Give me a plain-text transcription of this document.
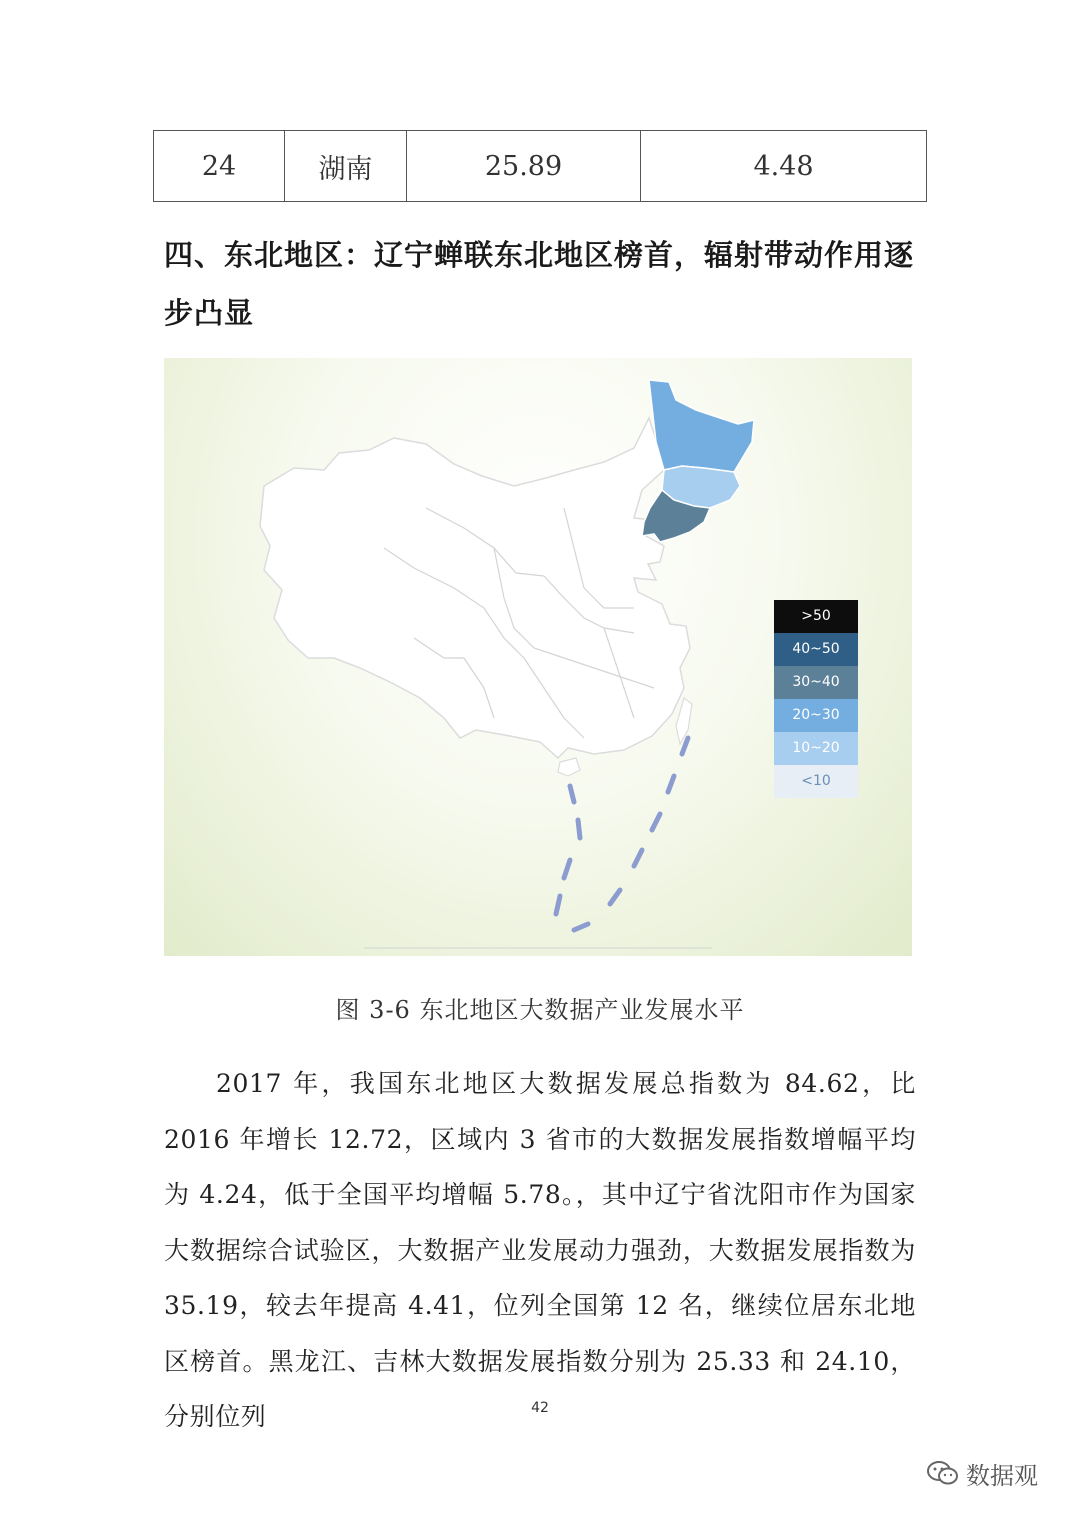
24	湖南	25.89	4.48
四、东北地区：辽宁蝉联东北地区榜首，辐射带动作用逐
步凸显
>50
40~50
30~40
20~30
10~20
<10
图 3-6 东北地区大数据产业发展水平

2017 年，我国东北地区大数据发展总指数为 84.62，比 2016 年增长 12.72，区域内 3 省市的大数据发展指数增幅平均为 4.24，低于全国平均增幅 5.78。，其中辽宁省沈阳市作为国家大数据综合试验区，大数据产业发展动力强劲，大数据发展指数为 35.19，较去年提高 4.41，位列全国第 12 名，继续位居东北地区榜首。黑龙江、吉林大数据发展指数分别为 25.33 和 24.10，分别位列	42
数据观
